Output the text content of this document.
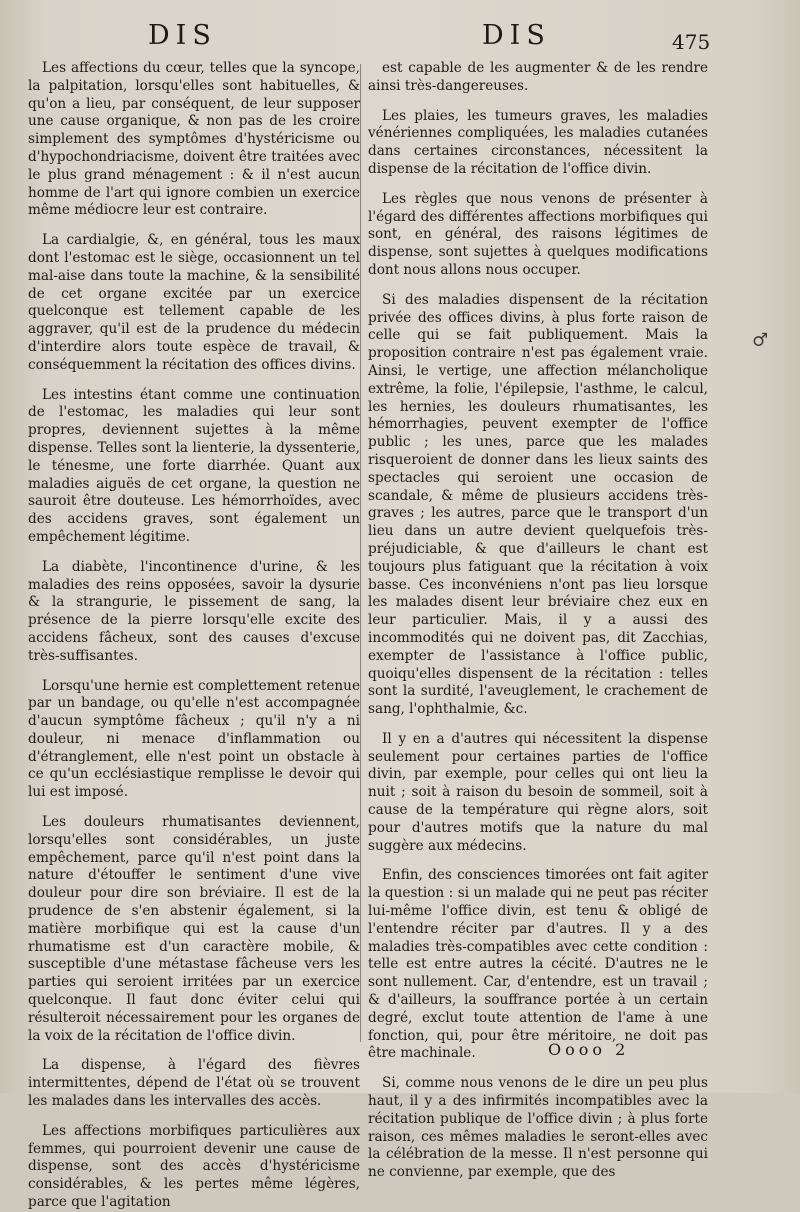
DIS	DIS	475

Les affections du cœur, telles que la syncope, la palpitation, lorsqu'elles sont habituelles, & qu'on a lieu, par conséquent, de leur supposer une cause organique, & non pas de les croire simplement des symptômes d'hystéricisme ou d'hypochondriacisme, doivent être traitées avec le plus grand ménagement : & il n'est aucun homme de l'art qui ignore combien un exercice même médiocre leur est contraire.

La cardialgie, &, en général, tous les maux dont l'estomac est le siège, occasionnent un tel mal-aise dans toute la machine, & la sensibilité de cet organe excitée par un exercice quelconque est tellement capable de les aggraver, qu'il est de la prudence du médecin d'interdire alors toute espèce de travail, & conséquemment la récitation des offices divins.

Les intestins étant comme une continuation de l'estomac, les maladies qui leur sont propres, deviennent sujettes à la même dispense. Telles sont la lienterie, la dyssenterie, le ténesme, une forte diarrhée. Quant aux maladies aiguës de cet organe, la question ne sauroit être douteuse. Les hémorrhoïdes, avec des accidens graves, sont également un empêchement légitime.

La diabète, l'incontinence d'urine, & les maladies des reins opposées, savoir la dysurie & la strangurie, le pissement de sang, la présence de la pierre lorsqu'elle excite des accidens fâcheux, sont des causes d'excuse très-suffisantes.

Lorsqu'une hernie est complettement retenue par un bandage, ou qu'elle n'est accompagnée d'aucun symptôme fâcheux ; qu'il n'y a ni douleur, ni menace d'inflammation ou d'étranglement, elle n'est point un obstacle à ce qu'un ecclésiastique remplisse le devoir qui lui est imposé.

Les douleurs rhumatisantes deviennent, lorsqu'elles sont considérables, un juste empêchement, parce qu'il n'est point dans la nature d'étouffer le sentiment d'une vive douleur pour dire son bréviaire. Il est de la prudence de s'en abstenir également, si la matière morbifique qui est la cause d'un rhumatisme est d'un caractère mobile, & susceptible d'une métastase fâcheuse vers les parties qui seroient irritées par un exercice quelconque. Il faut donc éviter celui qui résulteroit nécessairement pour les organes de la voix de la récitation de l'office divin.

La dispense, à l'égard des fièvres intermittentes, dépend de l'état où se trouvent les malades dans les intervalles des accès.

Les affections morbifiques particulières aux femmes, qui pourroient devenir une cause de dispense, sont des accès d'hystéricisme considérables, & les pertes même légères, parce que l'agitation

est capable de les augmenter & de les rendre ainsi très-dangereuses.

Les plaies, les tumeurs graves, les maladies vénériennes compliquées, les maladies cutanées dans certaines circonstances, nécessitent la dispense de la récitation de l'office divin.

Les règles que nous venons de présenter à l'égard des différentes affections morbifiques qui sont, en général, des raisons légitimes de dispense, sont sujettes à quelques modifications dont nous allons nous occuper.

Si des maladies dispensent de la récitation privée des offices divins, à plus forte raison de celle qui se fait publiquement. Mais la proposition contraire n'est pas également vraie. Ainsi, le vertige, une affection mélancholique extrême, la folie, l'épilepsie, l'asthme, le calcul, les hernies, les douleurs rhumatisantes, les hémorrhagies, peuvent exempter de l'office public ; les unes, parce que les malades risqueroient de donner dans les lieux saints des spectacles qui seroient une occasion de scandale, & même de plusieurs accidens très-graves ; les autres, parce que le transport d'un lieu dans un autre devient quelquefois très-préjudiciable, & que d'ailleurs le chant est toujours plus fatiguant que la récitation à voix basse. Ces inconvéniens n'ont pas lieu lorsque les malades disent leur bréviaire chez eux en leur particulier. Mais, il y a aussi des incommodités qui ne doivent pas, dit Zacchias, exempter de l'assistance à l'office public, quoiqu'elles dispensent de la récitation : telles sont la surdité, l'aveuglement, le crachement de sang, l'ophthalmie, &c.

Il y en a d'autres qui nécessitent la dispense seulement pour certaines parties de l'office divin, par exemple, pour celles qui ont lieu la nuit ; soit à raison du besoin de sommeil, soit à cause de la température qui règne alors, soit pour d'autres motifs que la nature du mal suggère aux médecins.

Enfin, des consciences timorées ont fait agiter la question : si un malade qui ne peut pas réciter lui-même l'office divin, est tenu & obligé de l'entendre réciter par d'autres. Il y a des maladies très-compatibles avec cette condition : telle est entre autres la cécité. D'autres ne le sont nullement. Car, d'entendre, est un travail ; & d'ailleurs, la souffrance portée à un certain degré, exclut toute attention de l'ame à une fonction, qui, pour être méritoire, ne doit pas être machinale.

Si, comme nous venons de le dire un peu plus haut, il y a des infirmités incompatibles avec la récitation publique de l'office divin ; à plus forte raison, ces mêmes maladies le seront-elles avec la célébration de la messe. Il n'est personne qui ne convienne, par exemple, que des

♂
Oooo 2
